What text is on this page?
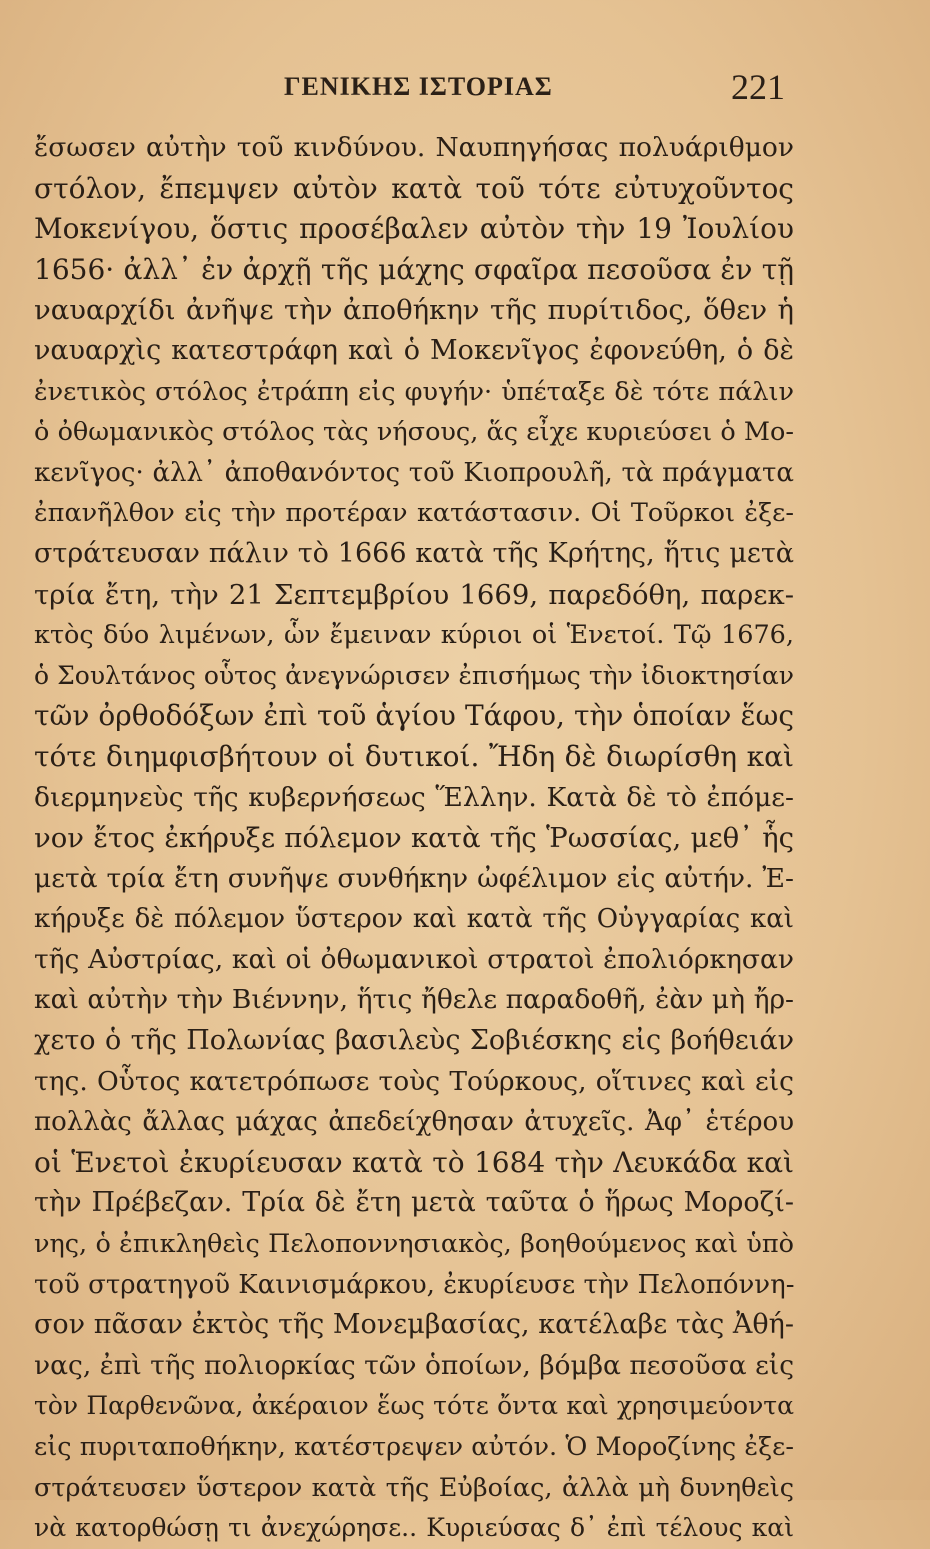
ΓΕΝΙΚΗΣ ΙΣΤΟΡΙΑΣ	221
ἔσωσεν αὐτὴν τοῦ κινδύνου. Ναυπηγήσας πολυάριθμον
στόλον, ἔπεμψεν αὐτὸν κατὰ τοῦ τότε εὐτυχοῦντος
Μοκενίγου, ὅστις προσέβαλεν αὐτὸν τὴν 19 Ἰουλίου
1656· ἀλλ᾽ ἐν ἀρχῇ τῆς μάχης σφαῖρα πεσοῦσα ἐν τῇ
ναυαρχίδι ἀνῆψε τὴν ἀποθήκην τῆς πυρίτιδος, ὅθεν ἡ
ναυαρχὶς κατεστράφη καὶ ὁ Μοκενῖγος ἐφονεύθη, ὁ δὲ
ἐνετικὸς στόλος ἐτράπη εἰς φυγήν· ὑπέταξε δὲ τότε πάλιν
ὁ ὀθωμανικὸς στόλος τὰς νήσους, ἅς εἶχε κυριεύσει ὁ Μο-
κενῖγος· ἀλλ᾽ ἀποθανόντος τοῦ Κιοπρουλῆ, τὰ πράγματα
ἐπανῆλθον εἰς τὴν προτέραν κατάστασιν. Οἱ Τοῦρκοι ἐξε-
στράτευσαν πάλιν τὸ 1666 κατὰ τῆς Κρήτης, ἥτις μετὰ
τρία ἔτη, τὴν 21 Σεπτεμβρίου 1669, παρεδόθη, παρεκ-
κτὸς δύο λιμένων, ὧν ἔμειναν κύριοι οἱ Ἑνετοί. Τῷ 1676,
ὁ Σουλτάνος οὗτος ἀνεγνώρισεν ἐπισήμως τὴν ἰδιοκτησίαν
τῶν ὀρθοδόξων ἐπὶ τοῦ ἁγίου Τάφου, τὴν ὁποίαν ἕως
τότε διημφισβήτουν οἱ δυτικοί. Ἤδη δὲ διωρίσθη καὶ
διερμηνεὺς τῆς κυβερνήσεως Ἕλλην. Κατὰ δὲ τὸ ἐπόμε-
νον ἔτος ἐκήρυξε πόλεμον κατὰ τῆς Ῥωσσίας, μεθ᾽ ἧς
μετὰ τρία ἔτη συνῆψε συνθήκην ὠφέλιμον εἰς αὐτήν. Ἐ-
κήρυξε δὲ πόλεμον ὕστερον καὶ κατὰ τῆς Οὐγγαρίας καὶ
τῆς Αὐστρίας, καὶ οἱ ὀθωμανικοὶ στρατοὶ ἐπολιόρκησαν
καὶ αὐτὴν τὴν Βιέννην, ἥτις ἤθελε παραδοθῆ, ἐὰν μὴ ἤρ-
χετο ὁ τῆς Πολωνίας βασιλεὺς Σοβιέσκης εἰς βοήθειάν
της. Οὗτος κατετρόπωσε τοὺς Τούρκους, οἵτινες καὶ εἰς
πολλὰς ἄλλας μάχας ἀπεδείχθησαν ἀτυχεῖς. Ἀφ᾽ ἑτέρου
οἱ Ἑνετοὶ ἐκυρίευσαν κατὰ τὸ 1684 τὴν Λευκάδα καὶ
τὴν Πρέβεζαν. Τρία δὲ ἔτη μετὰ ταῦτα ὁ ἥρως Μοροζί-
νης, ὁ ἐπικληθεὶς Πελοποννησιακὸς, βοηθούμενος καὶ ὑπὸ
τοῦ στρατηγοῦ Καινισμάρκου, ἐκυρίευσε τὴν Πελοπόννη-
σον πᾶσαν ἐκτὸς τῆς Μονεμβασίας, κατέλαβε τὰς Ἀθή-
νας, ἐπὶ τῆς πολιορκίας τῶν ὁποίων, βόμβα πεσοῦσα εἰς
τὸν Παρθενῶνα, ἀκέραιον ἕως τότε ὄντα καὶ χρησιμεύοντα
εἰς πυριταποθήκην, κατέστρεψεν αὐτόν. Ὁ Μοροζίνης ἐξε-
στράτευσεν ὕστερον κατὰ τῆς Εὐβοίας, ἀλλὰ μὴ δυνηθεὶς
νὰ κατορθώσῃ τι ἀνεχώρησε.. Κυριεύσας δ᾽ ἐπὶ τέλους καὶ
